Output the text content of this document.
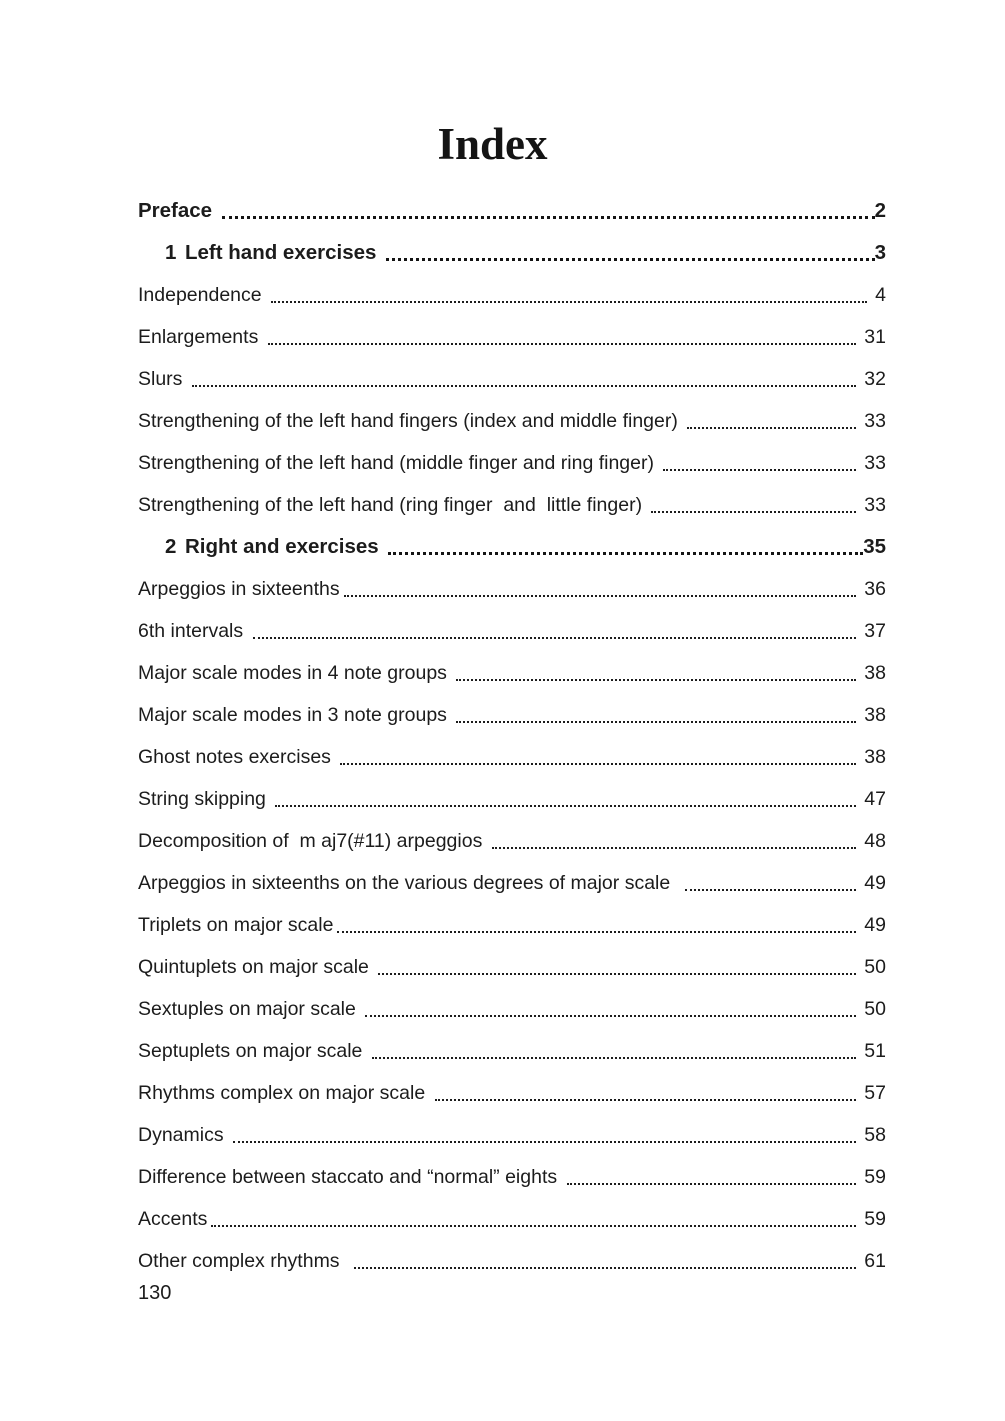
Index
Preface	2
1 Left hand exercises	3
Independence	4
Enlargements	31
Slurs	32
Strengthening of the left hand fingers (index and middle finger)	33
Strengthening of the left hand (middle finger and ring finger)	33
Strengthening of the left hand (ring finger  and  little finger)	33
2 Right and exercises	35
Arpeggios in sixteenths	36
6th intervals	37
Major scale modes in 4 note groups	38
Major scale modes in 3 note groups	38
Ghost notes exercises	38
String skipping	47
Decomposition of  m aj7(#11) arpeggios	48
Arpeggios in sixteenths on the various degrees of major scale	49
Triplets on major scale	49
Quintuplets on major scale	50
Sextuples on major scale	50
Septuplets on major scale	51
Rhythms complex on major scale	57
Dynamics	58
Difference between staccato and “normal” eights	59
Accents	59
Other complex rhythms	61
130
